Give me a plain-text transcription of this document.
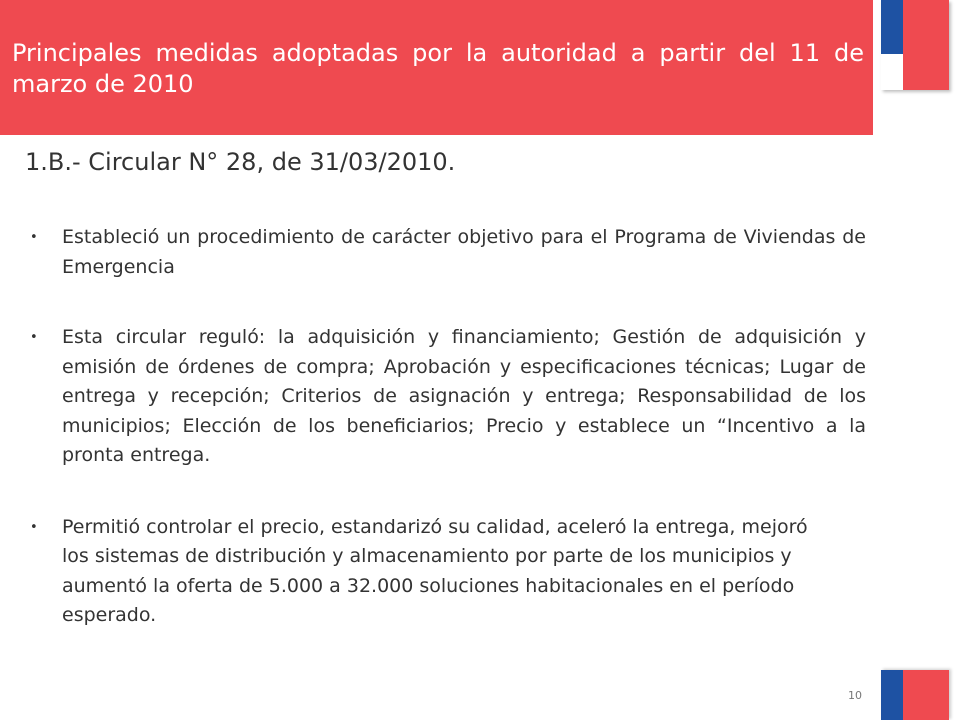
Principales medidas adoptadas por la autoridad a partir del 11 de marzo de 2010
1.B.- Circular N° 28, de 31/03/2010.
• Estableció un procedimiento de carácter objetivo para el Programa de Viviendas de Emergencia
• Esta circular reguló: la adquisición y financiamiento; Gestión de adquisición y emisión de órdenes de compra; Aprobación y especificaciones técnicas; Lugar de entrega y recepción; Criterios de asignación y entrega; Responsabilidad de los municipios; Elección de los beneficiarios; Precio y establece un “Incentivo a la pronta entrega.
• Permitió controlar el precio, estandarizó su calidad, aceleró la entrega, mejoró los sistemas de distribución y almacenamiento por parte de los municipios y aumentó la oferta de 5.000 a 32.000 soluciones habitacionales en el período esperado.
10
